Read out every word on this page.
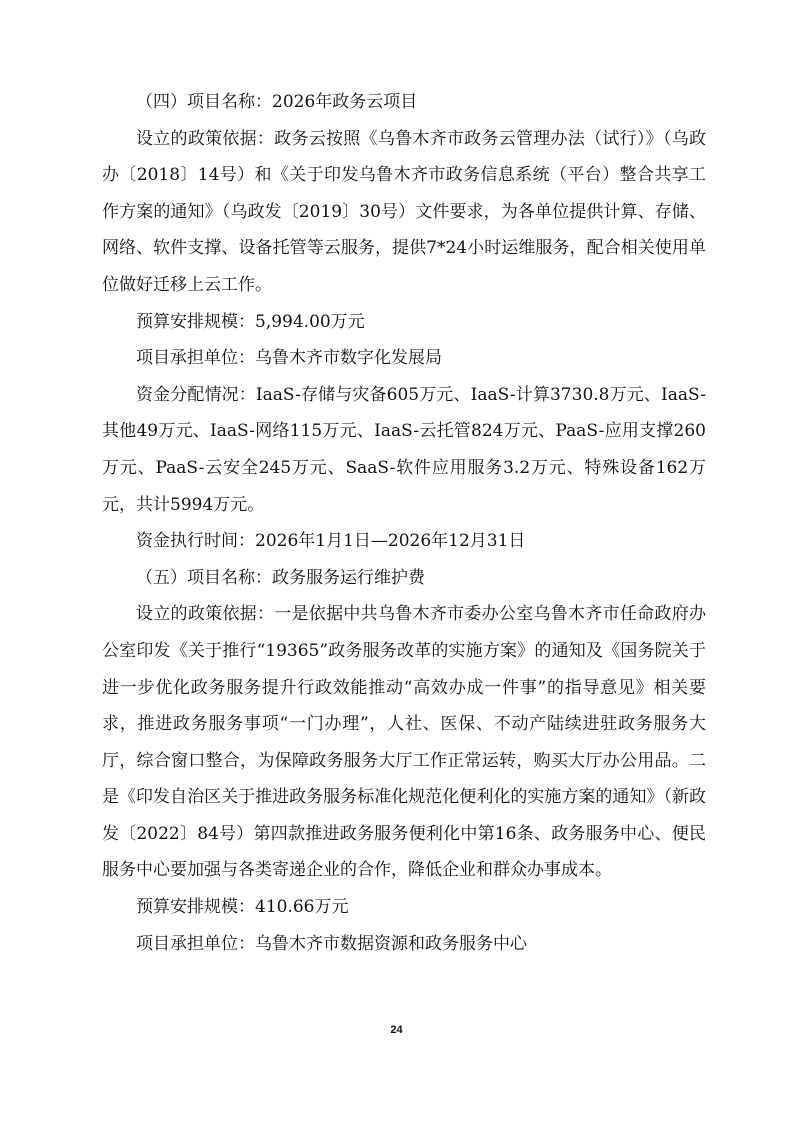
（四）项目名称：2026年政务云项目

设立的政策依据：政务云按照《乌鲁木齐市政务云管理办法（试行）》（乌政办〔2018〕14号）和《关于印发乌鲁木齐市政务信息系统（平台）整合共享工作方案的通知》（乌政发〔2019〕30号）文件要求，为各单位提供计算、存储、网络、软件支撑、设备托管等云服务，提供7*24小时运维服务，配合相关使用单位做好迁移上云工作。

预算安排规模：5,994.00万元

项目承担单位：乌鲁木齐市数字化发展局

资金分配情况：IaaS-存储与灾备605万元、IaaS-计算3730.8万元、IaaS-其他49万元、IaaS-网络115万元、IaaS-云托管824万元、PaaS-应用支撑260万元、PaaS-云安全245万元、SaaS-软件应用服务3.2万元、特殊设备162万元，共计5994万元。

资金执行时间：2026年1月1日—2026年12月31日

（五）项目名称：政务服务运行维护费

设立的政策依据：一是依据中共乌鲁木齐市委办公室乌鲁木齐市任命政府办公室印发《关于推行“19365”政务服务改革的实施方案》的通知及《国务院关于进一步优化政务服务提升行政效能推动“高效办成一件事”的指导意见》相关要求，推进政务服务事项“一门办理”，人社、医保、不动产陆续进驻政务服务大厅，综合窗口整合，为保障政务服务大厅工作正常运转，购买大厅办公用品。二是《印发自治区关于推进政务服务标准化规范化便利化的实施方案的通知》（新政发〔2022〕84号）第四款推进政务服务便利化中第16条、政务服务中心、便民服务中心要加强与各类寄递企业的合作，降低企业和群众办事成本。

预算安排规模：410.66万元

项目承担单位：乌鲁木齐市数据资源和政务服务中心

24
